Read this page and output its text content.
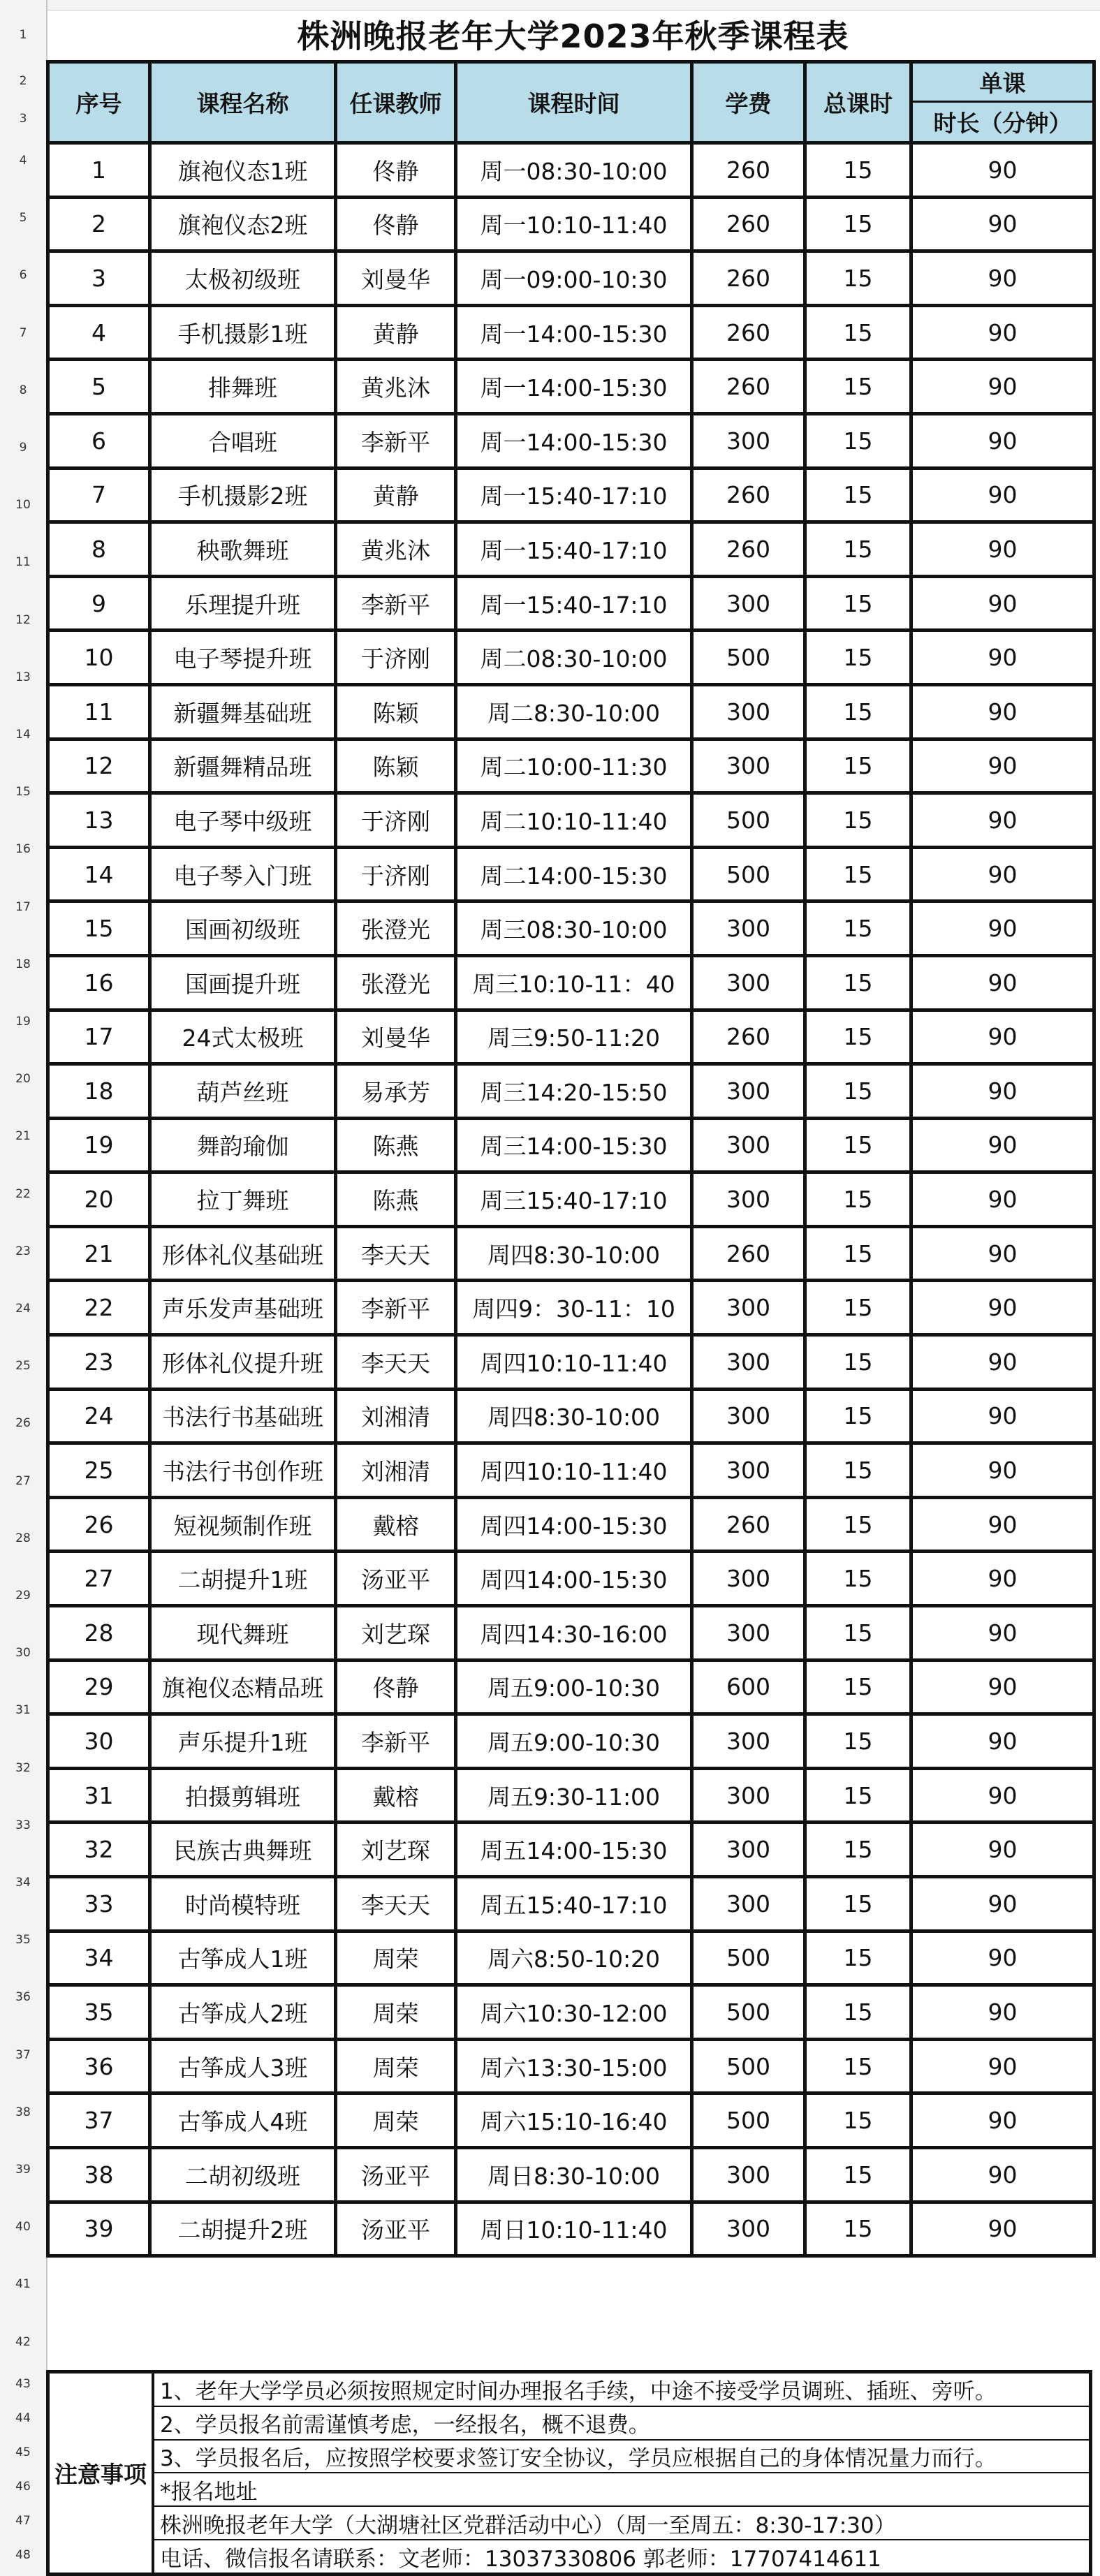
1
2
3
4
5
6
7
8
9
10
11
12
13
14
15
16
17
18
19
20
21
22
23
24
25
26
27
28
29
30
31
32
33
34
35
36
37
38
39
40
41
42
43
44
45
46
47
48
株洲晚报老年大学2023年秋季课程表
序号	课程名称	任课教师	课程时间	学费	总课时	单课
时长（分钟）

1	旗袍仪态1班	佟静	周一08:30-10:00	260	15	90
2	旗袍仪态2班	佟静	周一10:10-11:40	260	15	90
3	太极初级班	刘曼华	周一09:00-10:30	260	15	90
4	手机摄影1班	黄静	周一14:00-15:30	260	15	90
5	排舞班	黄兆沐	周一14:00-15:30	260	15	90
6	合唱班	李新平	周一14:00-15:30	300	15	90
7	手机摄影2班	黄静	周一15:40-17:10	260	15	90
8	秧歌舞班	黄兆沐	周一15:40-17:10	260	15	90
9	乐理提升班	李新平	周一15:40-17:10	300	15	90
10	电子琴提升班	于济刚	周二08:30-10:00	500	15	90
11	新疆舞基础班	陈颖	周二8:30-10:00	300	15	90
12	新疆舞精品班	陈颖	周二10:00-11:30	300	15	90
13	电子琴中级班	于济刚	周二10:10-11:40	500	15	90
14	电子琴入门班	于济刚	周二14:00-15:30	500	15	90
15	国画初级班	张澄光	周三08:30-10:00	300	15	90
16	国画提升班	张澄光	周三10:10-11：40	300	15	90
17	24式太极班	刘曼华	周三9:50-11:20	260	15	90
18	葫芦丝班	易承芳	周三14:20-15:50	300	15	90
19	舞韵瑜伽	陈燕	周三14:00-15:30	300	15	90
20	拉丁舞班	陈燕	周三15:40-17:10	300	15	90
21	形体礼仪基础班	李天天	周四8:30-10:00	260	15	90
22	声乐发声基础班	李新平	周四9：30-11：10	300	15	90
23	形体礼仪提升班	李天天	周四10:10-11:40	300	15	90
24	书法行书基础班	刘湘清	周四8:30-10:00	300	15	90
25	书法行书创作班	刘湘清	周四10:10-11:40	300	15	90
26	短视频制作班	戴榕	周四14:00-15:30	260	15	90
27	二胡提升1班	汤亚平	周四14:00-15:30	300	15	90
28	现代舞班	刘艺琛	周四14:30-16:00	300	15	90
29	旗袍仪态精品班	佟静	周五9:00-10:30	600	15	90
30	声乐提升1班	李新平	周五9:00-10:30	300	15	90
31	拍摄剪辑班	戴榕	周五9:30-11:00	300	15	90
32	民族古典舞班	刘艺琛	周五14:00-15:30	300	15	90
33	时尚模特班	李天天	周五15:40-17:10	300	15	90
34	古筝成人1班	周荣	周六8:50-10:20	500	15	90
35	古筝成人2班	周荣	周六10:30-12:00	500	15	90
36	古筝成人3班	周荣	周六13:30-15:00	500	15	90
37	古筝成人4班	周荣	周六15:10-16:40	500	15	90
38	二胡初级班	汤亚平	周日8:30-10:00	300	15	90
39	二胡提升2班	汤亚平	周日10:10-11:40	300	15	90
注意事项
1、老年大学学员必须按照规定时间办理报名手续，中途不接受学员调班、插班、旁听。
2、学员报名前需谨慎考虑，一经报名，概不退费。
3、学员报名后，应按照学校要求签订安全协议，学员应根据自己的身体情况量力而行。
*报名地址
株洲晚报老年大学（大湖塘社区党群活动中心）（周一至周五：8:30-17:30）
电话、微信报名请联系：文老师：13037330806 郭老师：17707414611
